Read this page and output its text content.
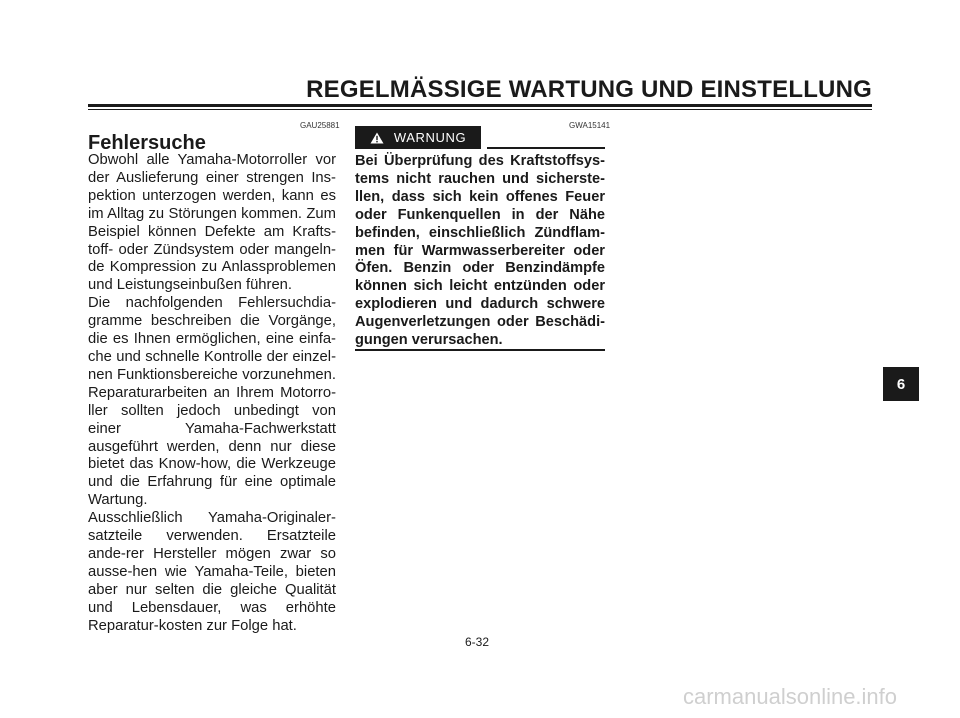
REGELMÄSSIGE WARTUNG UND EINSTELLUNG

GAU25881

Fehlersuche

Obwohl alle Yamaha-Motorroller vor der Auslieferung einer strengen Ins-pektion unterzogen werden, kann es im Alltag zu Störungen kommen. Zum Beispiel können Defekte am Krafts-toff- oder Zündsystem oder mangeln-de Kompression zu Anlassproblemen und Leistungseinbußen führen.

Die nachfolgenden Fehlersuchdia-gramme beschreiben die Vorgänge, die es Ihnen ermöglichen, eine einfa-che und schnelle Kontrolle der einzel-nen Funktionsbereiche vorzunehmen. Reparaturarbeiten an Ihrem Motorro-ller sollten jedoch unbedingt von einer Yamaha-Fachwerkstatt ausgeführt werden, denn nur diese bietet das Know-how, die Werkzeuge und die Erfahrung für eine optimale Wartung.

Ausschließlich Yamaha-Originaler-satzteile verwenden. Ersatzteile ande-rer Hersteller mögen zwar so ausse-hen wie Yamaha-Teile, bieten aber nur selten die gleiche Qualität und Lebensdauer, was erhöhte Reparatur-kosten zur Folge hat.

GWA15141

WARNUNG

Bei Überprüfung des Kraftstoffsys-tems nicht rauchen und sicherste-llen, dass sich kein offenes Feuer oder Funkenquellen in der Nähe befinden, einschließlich Zündflam-men für Warmwasserbereiter oder Öfen. Benzin oder Benzindämpfe können sich leicht entzünden oder explodieren und dadurch schwere Augenverletzungen oder Beschädi-gungen verursachen.

6-32

6

carmanualsonline.info
